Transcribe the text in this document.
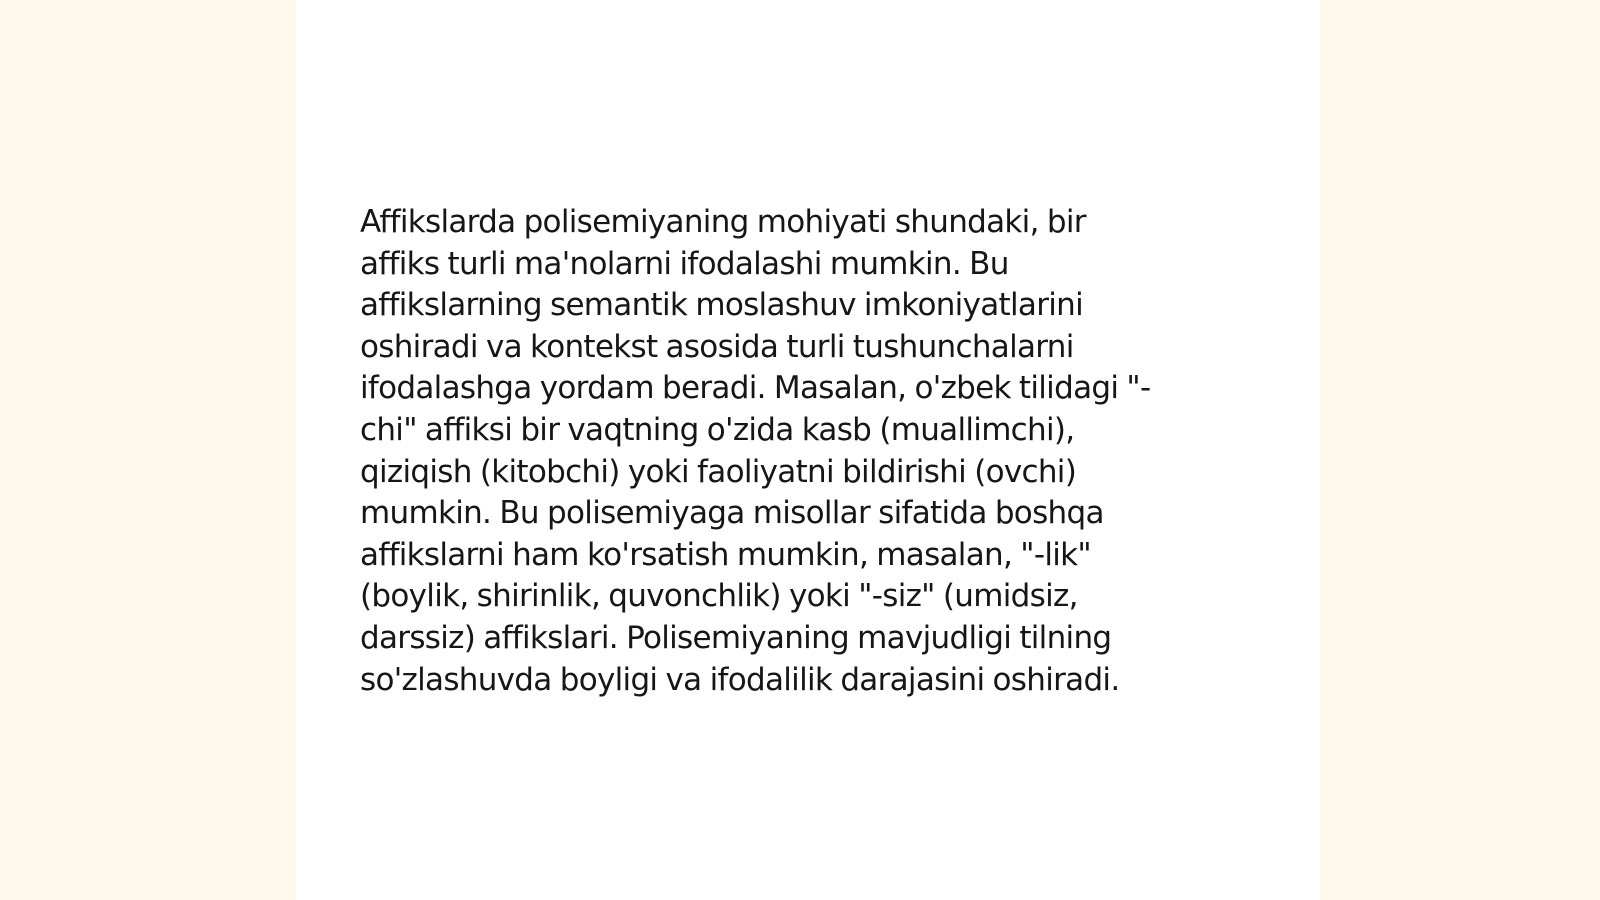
Affikslarda polisemiyaning mohiyati shundaki, bir
affiks turli ma'nolarni ifodalashi mumkin. Bu
affikslarning semantik moslashuv imkoniyatlarini
oshiradi va kontekst asosida turli tushunchalarni
ifodalashga yordam beradi. Masalan, o'zbek tilidagi "-
chi" affiksi bir vaqtning o'zida kasb (muallimchi),
qiziqish (kitobchi) yoki faoliyatni bildirishi (ovchi)
mumkin. Bu polisemiyaga misollar sifatida boshqa
affikslarni ham ko'rsatish mumkin, masalan, "-lik"
(boylik, shirinlik, quvonchlik) yoki "-siz" (umidsiz,
darssiz) affikslari. Polisemiyaning mavjudligi tilning
so'zlashuvda boyligi va ifodalilik darajasini oshiradi.
